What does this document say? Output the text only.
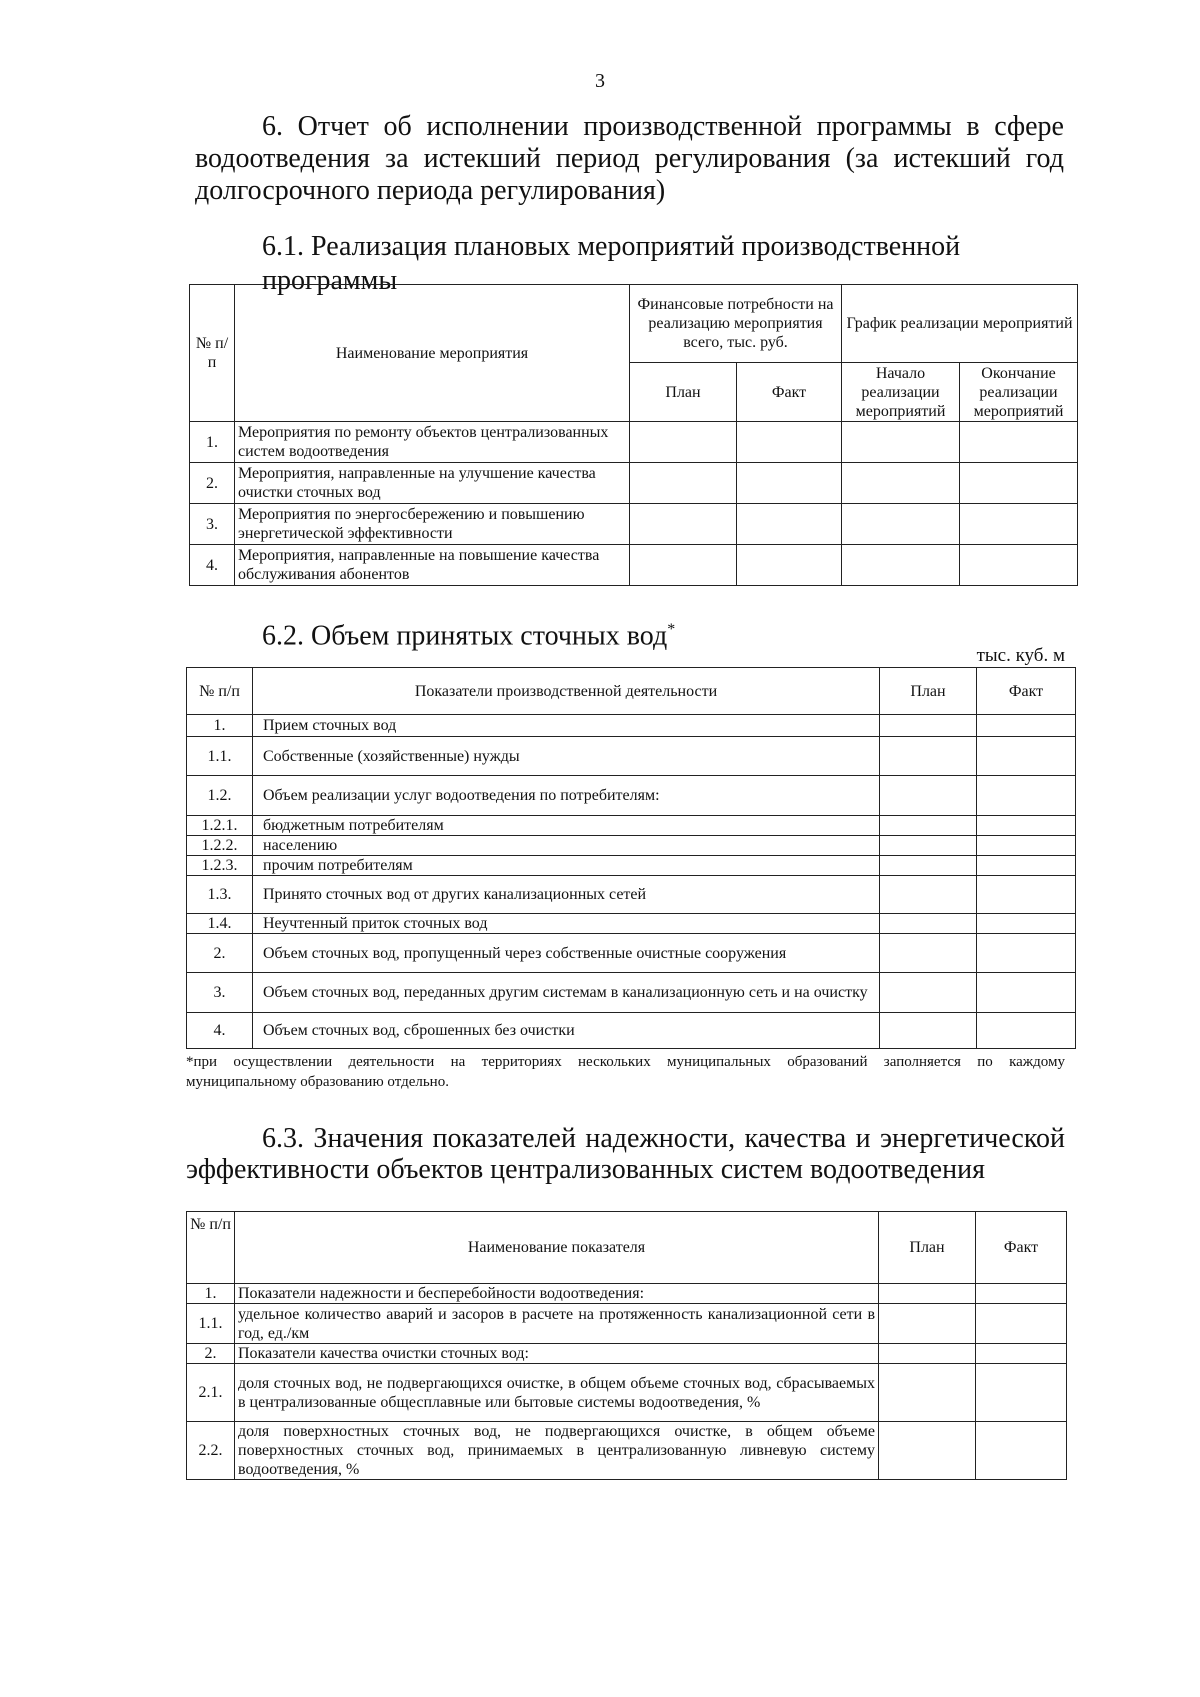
3
6. Отчет об исполнении производственной программы в сфере
водоотведения за истекший период регулирования (за истекший год
долгосрочного периода регулирования)
6.1. Реализация плановых мероприятий производственной программы
№ п/п	Наименование мероприятия	Финансовые потребности на реализацию мероприятия всего, тыс. руб.		График реализации мероприятий	
		План	Факт	Начало реализации мероприятий	Окончание реализации мероприятий
1.	Мероприятия по ремонту объектов централизованных систем водоотведения				
2.	Мероприятия, направленные на улучшение качества очистки сточных вод				
3.	Мероприятия по энергосбережению и повышению энергетической эффективности				
4.	Мероприятия, направленные на повышение качества обслуживания абонентов				
6.2. Объем принятых сточных вод*
тыс. куб. м
№ п/п	Показатели производственной деятельности	План	Факт
1.	Прием сточных вод		
1.1.	Собственные (хозяйственные) нужды		
1.2.	Объем реализации услуг водоотведения по потребителям:		
1.2.1.	бюджетным потребителям		
1.2.2.	населению		
1.2.3.	прочим потребителям		
1.3.	Принято сточных вод от других канализационных сетей		
1.4.	Неучтенный приток сточных вод		
2.	Объем сточных вод, пропущенный через собственные очистные сооружения		
3.	Объем сточных вод, переданных другим системам в канализационную сеть и на очистку		
4.	Объем сточных вод, сброшенных без очистки		
*при осуществлении деятельности на территориях нескольких муниципальных образований заполняется по каждому
муниципальному образованию отдельно.
6.3. Значения показателей надежности, качества и энергетической
эффективности объектов централизованных систем водоотведения
№ п/п	Наименование показателя	План	Факт
1.	Показатели надежности и бесперебойности водоотведения:		
1.1.	удельное количество аварий и засоров в расчете на протяженность канализационной сети в год, ед./км		
2.	Показатели качества очистки сточных вод:		
2.1.	доля сточных вод, не подвергающихся очистке, в общем объеме сточных вод, сбрасываемых в централизованные общесплавные или бытовые системы водоотведения, %		
2.2.	доля поверхностных сточных вод, не подвергающихся очистке, в общем объеме поверхностных сточных вод, принимаемых в централизованную ливневую систему водоотведения, %		
